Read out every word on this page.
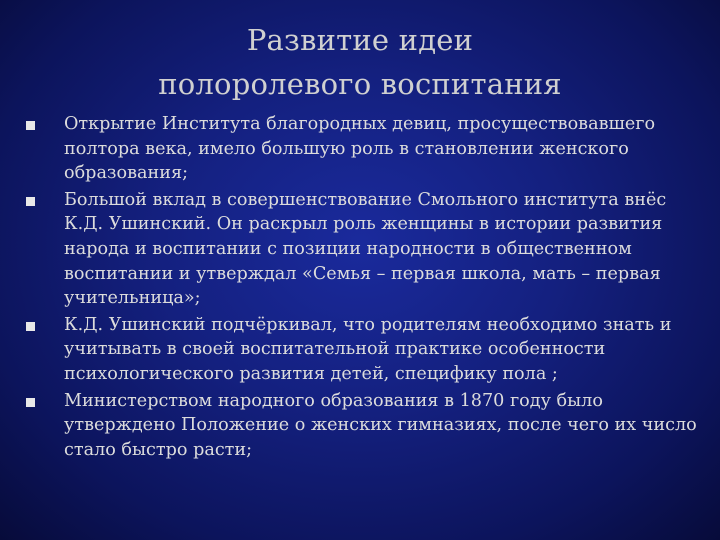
Развитие идеи
полоролевого воспитания
Открытие Института благородных девиц, просуществовавшего полтора века, имело большую роль в становлении женского образования;
Большой вклад в совершенствование Смольного института внёс К.Д. Ушинский. Он раскрыл роль женщины в истории развития народа и воспитании с позиции народности в общественном воспитании и утверждал «Семья – первая школа, мать – первая учительница»;
К.Д. Ушинский подчёркивал, что родителям необходимо знать и учитывать в своей воспитательной практике особенности психологического развития детей, специфику пола ;
Министерством народного образования в 1870 году было утверждено Положение о женских гимназиях, после чего их число стало быстро расти;
